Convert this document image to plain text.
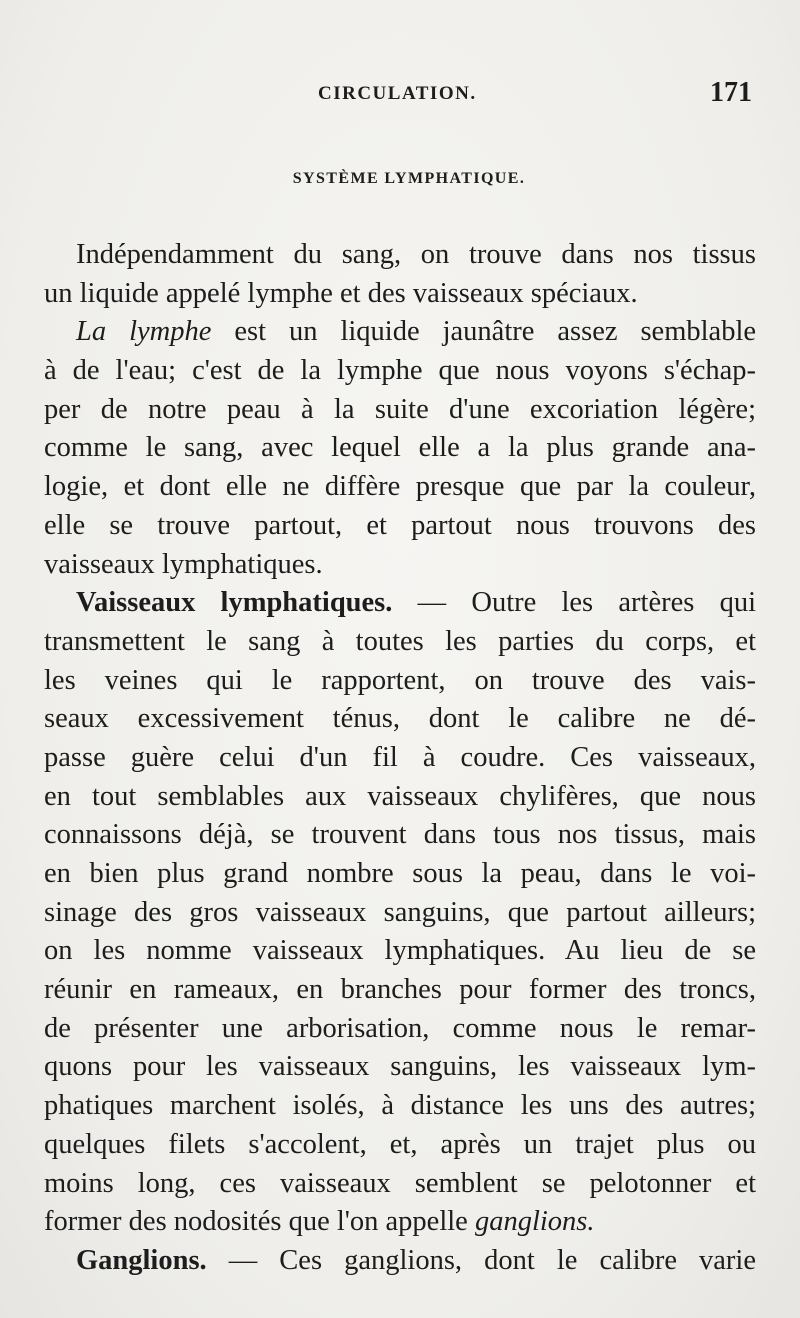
CIRCULATION.	171
SYSTÈME LYMPHATIQUE.
Indépendamment du sang, on trouve dans nos tissus
un liquide appelé lymphe et des vaisseaux spéciaux.
La lymphe est un liquide jaunâtre assez semblable
à de l'eau; c'est de la lymphe que nous voyons s'échap-
per de notre peau à la suite d'une excoriation légère;
comme le sang, avec lequel elle a la plus grande ana-
logie, et dont elle ne diffère presque que par la couleur,
elle se trouve partout, et partout nous trouvons des
vaisseaux lymphatiques.
Vaisseaux lymphatiques. — Outre les artères qui
transmettent le sang à toutes les parties du corps, et
les veines qui le rapportent, on trouve des vais-
seaux excessivement ténus, dont le calibre ne dé-
passe guère celui d'un fil à coudre. Ces vaisseaux,
en tout semblables aux vaisseaux chylifères, que nous
connaissons déjà, se trouvent dans tous nos tissus, mais
en bien plus grand nombre sous la peau, dans le voi-
sinage des gros vaisseaux sanguins, que partout ailleurs;
on les nomme vaisseaux lymphatiques. Au lieu de se
réunir en rameaux, en branches pour former des troncs,
de présenter une arborisation, comme nous le remar-
quons pour les vaisseaux sanguins, les vaisseaux lym-
phatiques marchent isolés, à distance les uns des autres;
quelques filets s'accolent, et, après un trajet plus ou
moins long, ces vaisseaux semblent se pelotonner et
former des nodosités que l'on appelle ganglions.
Ganglions. — Ces ganglions, dont le calibre varie
